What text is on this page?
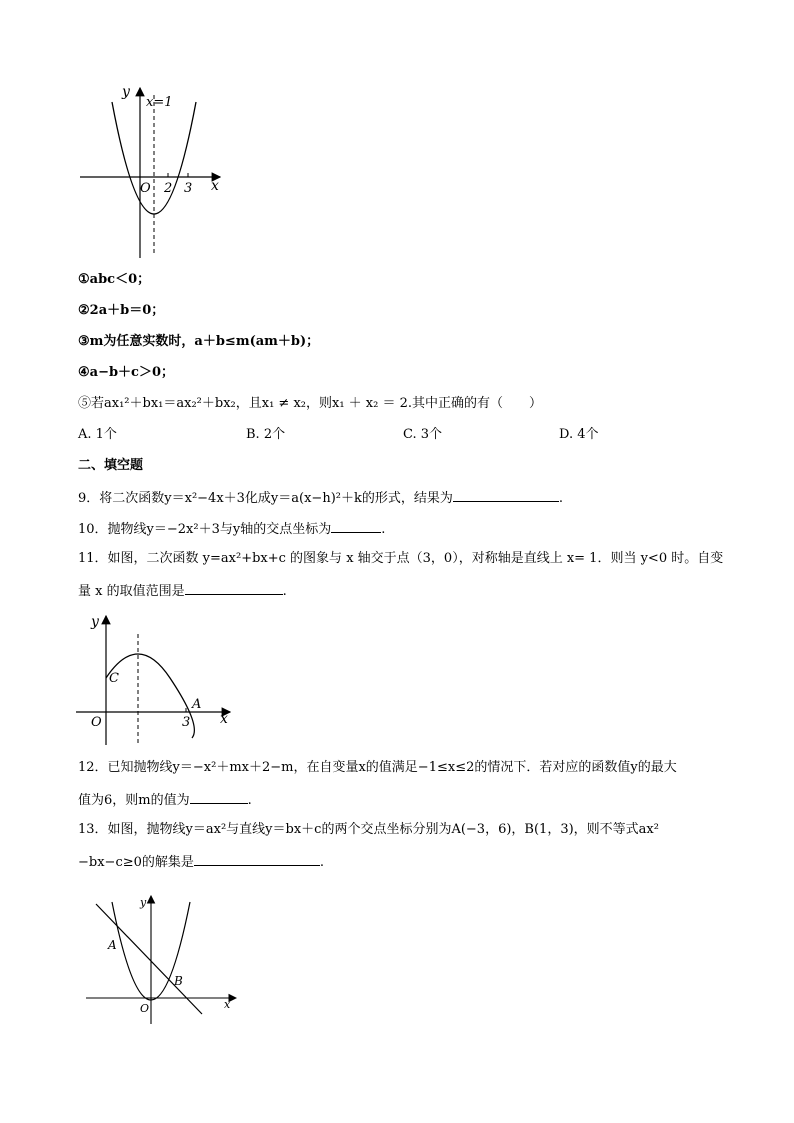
y
x=1
O 2 3 x
①abc＜0；
②2a＋b＝0；
③m为任意实数时，a＋b≤m(am＋b)；
④a−b＋c＞0；
⑤若ax₁²＋bx₁＝ax₂²＋bx₂，且x₁ ≠ x₂，则x₁ ＋ x₂ ＝ 2.其中正确的有（　　）
A. 1个	B. 2个	C. 3个	D. 4个
二、填空题
9．将二次函数y＝x²−4x＋3化成y＝a(x−h)²＋k的形式，结果为	.
10．抛物线y＝−2x²＋3与y轴的交点坐标为	.
11．如图，二次函数 y=ax²+bx+c 的图象与 x 轴交于点（3，0），对称轴是直线上 x= 1．则当 y<0 时。自变
量 x 的取值范围是	.
y
C
A
O	3 x
12．已知抛物线y＝−x²＋mx＋2−m，在自变量x的值满足−1≤x≤2的情况下．若对应的函数值y的最大
值为6，则m的值为	.
13．如图，抛物线y＝ax²与直线y＝bx＋c的两个交点坐标分别为A(−3，6)，B(1，3)，则不等式ax²
−bx−c≥0的解集是	.
y
A
B
O	x
